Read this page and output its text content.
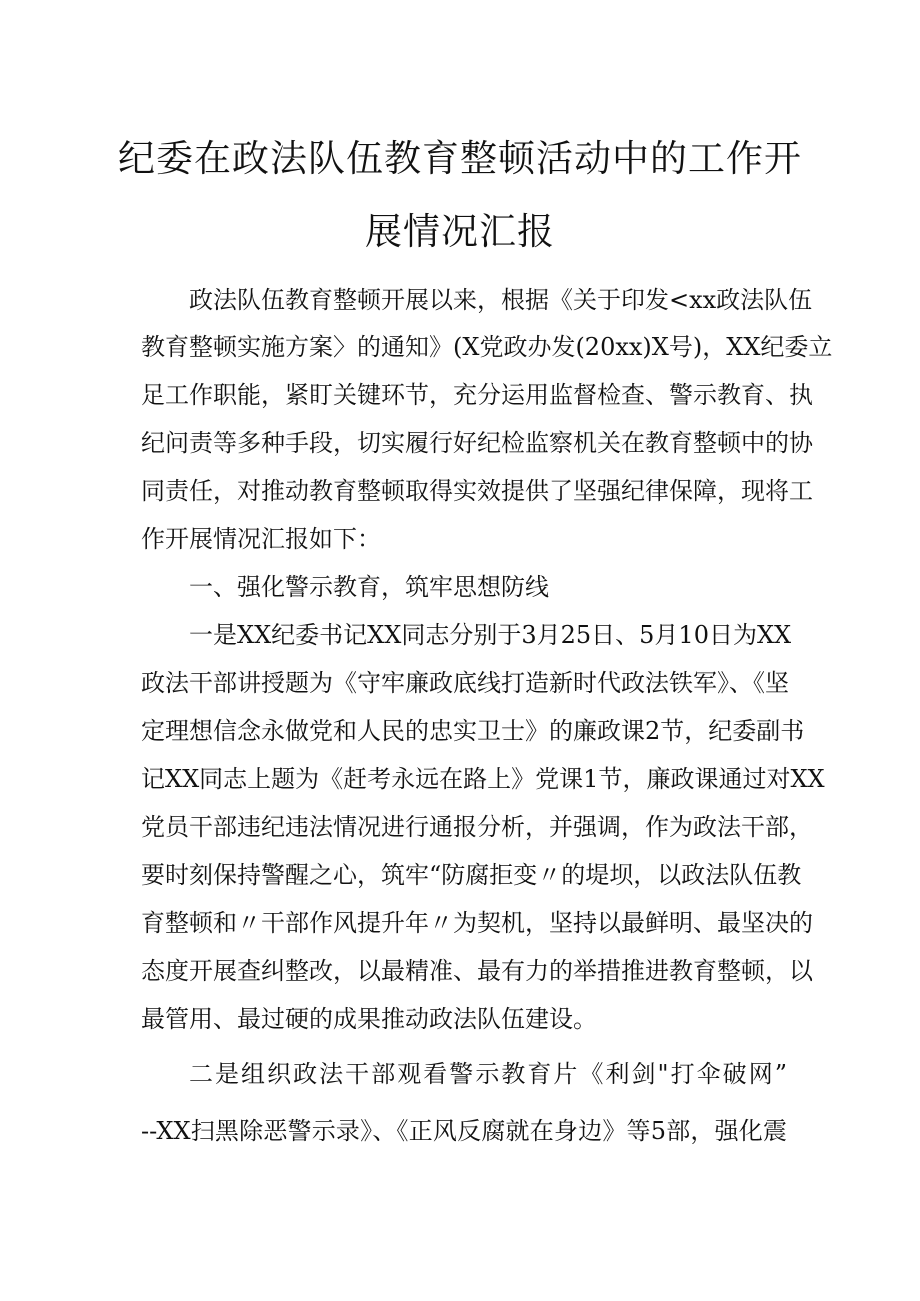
纪委在政法队伍教育整顿活动中的工作开
展情况汇报
政法队伍教育整顿开展以来，根据《关于印发<xx政法队伍
教育整顿实施方案〉的通知》(X党政办发(20xx)X号)，XX纪委立
足工作职能，紧盯关键环节，充分运用监督检查、警示教育、执
纪问责等多种手段，切实履行好纪检监察机关在教育整顿中的协
同责任，对推动教育整顿取得实效提供了坚强纪律保障，现将工
作开展情况汇报如下：
一、强化警示教育，筑牢思想防线
一是XX纪委书记XX同志分别于3月25日、5月10日为XX
政法干部讲授题为《守牢廉政底线打造新时代政法铁军》、《坚
定理想信念永做党和人民的忠实卫士》的廉政课2节，纪委副书
记XX同志上题为《赶考永远在路上》党课1节，廉政课通过对XX
党员干部违纪违法情况进行通报分析，并强调，作为政法干部，
要时刻保持警醒之心，筑牢“防腐拒变〃的堤坝，以政法队伍教
育整顿和〃干部作风提升年〃为契机，坚持以最鲜明、最坚决的
态度开展查纠整改，以最精准、最有力的举措推进教育整顿，以
最管用、最过硬的成果推动政法队伍建设。
二是组织政法干部观看警示教育片《利剑"打伞破网”
--XX扫黑除恶警示录》、《正风反腐就在身边》等5部，强化震
